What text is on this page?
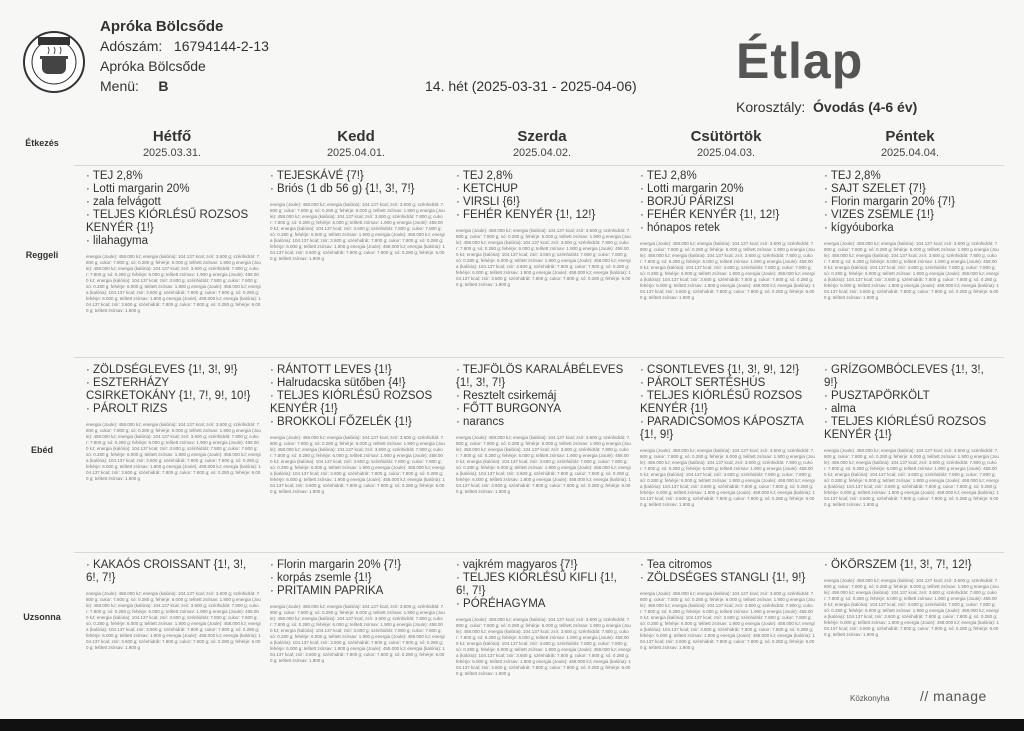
Apróka Bölcsőde
Adószám: 16794144-2-13
Apróka Bölcsőde
Menü: B	Étlap
14. hét (2025-03-31 - 2025-04-06)
Korosztály: Óvodás (4-6 év)
Étkezés
Reggeli
Ebéd
Uzsonna
Hétfő
2025.03.31.
Kedd
2025.04.01.
Szerda
2025.04.02.
Csütörtök
2025.04.03.
Péntek
2025.04.04.
· TEJ 2,8%
· Lotti margarin 20%
· zala felvágott
· TELJES KIÓRLÉSŰ ROZSOS KENYÉR {1!}
· lilahagyma
energia (Joule): 458.000 kJ; energia (kalória): 104.137 kcal; zsír: 3.600 g; szénhidrát: 7.800 g; cukor: 7.800 g; só: 0.280 g; fehérje: 6.000 g; telített zsírsav: 1.900 g energia (Joule): 458.000 kJ; energia (kalória): 104.137 kcal; zsír: 3.600 g; szénhidrát: 7.800 g; cukor: 7.800 g; só: 0.280 g; fehérje: 6.000 g; telített zsírsav: 1.900 g energia (Joule): 458.000 kJ; energia (kalória): 104.137 kcal; zsír: 3.600 g; szénhidrát: 7.800 g; cukor: 7.800 g; só: 0.280 g; fehérje: 6.000 g; telített zsírsav: 1.900 g energia (Joule): 458.000 kJ; energia (kalória): 104.137 kcal; zsír: 3.600 g; szénhidrát: 7.800 g; cukor: 7.800 g; só: 0.280 g; fehérje: 6.000 g; telített zsírsav: 1.900 g energia (Joule): 458.000 kJ; energia (kalória): 104.137 kcal; zsír: 3.600 g; szénhidrát: 7.800 g; cukor: 7.800 g; só: 0.280 g; fehérje: 6.000 g; telített zsírsav: 1.900 g
· ZÖLDSÉGLEVES {1!, 3!, 9!}
· ESZTERHÁZY CSIRKETOKÁNY {1!, 7!, 9!, 10!}
· PÁROLT RIZS
energia (Joule): 458.000 kJ; energia (kalória): 104.137 kcal; zsír: 3.600 g; szénhidrát: 7.800 g; cukor: 7.800 g; só: 0.280 g; fehérje: 6.000 g; telített zsírsav: 1.900 g energia (Joule): 458.000 kJ; energia (kalória): 104.137 kcal; zsír: 3.600 g; szénhidrát: 7.800 g; cukor: 7.800 g; só: 0.280 g; fehérje: 6.000 g; telített zsírsav: 1.900 g energia (Joule): 458.000 kJ; energia (kalória): 104.137 kcal; zsír: 3.600 g; szénhidrát: 7.800 g; cukor: 7.800 g; só: 0.280 g; fehérje: 6.000 g; telített zsírsav: 1.900 g energia (Joule): 458.000 kJ; energia (kalória): 104.137 kcal; zsír: 3.600 g; szénhidrát: 7.800 g; cukor: 7.800 g; só: 0.280 g; fehérje: 6.000 g; telített zsírsav: 1.900 g energia (Joule): 458.000 kJ; energia (kalória): 104.137 kcal; zsír: 3.600 g; szénhidrát: 7.800 g; cukor: 7.800 g; só: 0.280 g; fehérje: 6.000 g; telített zsírsav: 1.900 g
· KAKAÓS CROISSANT {1!, 3!, 6!, 7!}
energia (Joule): 458.000 kJ; energia (kalória): 104.137 kcal; zsír: 3.600 g; szénhidrát: 7.800 g; cukor: 7.800 g; só: 0.280 g; fehérje: 6.000 g; telített zsírsav: 1.900 g energia (Joule): 458.000 kJ; energia (kalória): 104.137 kcal; zsír: 3.600 g; szénhidrát: 7.800 g; cukor: 7.800 g; só: 0.280 g; fehérje: 6.000 g; telített zsírsav: 1.900 g energia (Joule): 458.000 kJ; energia (kalória): 104.137 kcal; zsír: 3.600 g; szénhidrát: 7.800 g; cukor: 7.800 g; só: 0.280 g; fehérje: 6.000 g; telített zsírsav: 1.900 g energia (Joule): 458.000 kJ; energia (kalória): 104.137 kcal; zsír: 3.600 g; szénhidrát: 7.800 g; cukor: 7.800 g; só: 0.280 g; fehérje: 6.000 g; telített zsírsav: 1.900 g energia (Joule): 458.000 kJ; energia (kalória): 104.137 kcal; zsír: 3.600 g; szénhidrát: 7.800 g; cukor: 7.800 g; só: 0.280 g; fehérje: 6.000 g; telített zsírsav: 1.900 g
· TEJESKÁVÉ {7!}
· Briós (1 db 56 g) {1!, 3!, 7!}
energia (Joule): 458.000 kJ; energia (kalória): 104.137 kcal; zsír: 3.600 g; szénhidrát: 7.800 g; cukor: 7.800 g; só: 0.280 g; fehérje: 6.000 g; telített zsírsav: 1.900 g energia (Joule): 458.000 kJ; energia (kalória): 104.137 kcal; zsír: 3.600 g; szénhidrát: 7.800 g; cukor: 7.800 g; só: 0.280 g; fehérje: 6.000 g; telített zsírsav: 1.900 g energia (Joule): 458.000 kJ; energia (kalória): 104.137 kcal; zsír: 3.600 g; szénhidrát: 7.800 g; cukor: 7.800 g; só: 0.280 g; fehérje: 6.000 g; telített zsírsav: 1.900 g energia (Joule): 458.000 kJ; energia (kalória): 104.137 kcal; zsír: 3.600 g; szénhidrát: 7.800 g; cukor: 7.800 g; só: 0.280 g; fehérje: 6.000 g; telített zsírsav: 1.900 g energia (Joule): 458.000 kJ; energia (kalória): 104.137 kcal; zsír: 3.600 g; szénhidrát: 7.800 g; cukor: 7.800 g; só: 0.280 g; fehérje: 6.000 g; telített zsírsav: 1.900 g
· RÁNTOTT LEVES {1!}
· Halrudacska sütőben {4!}
· TELJES KIÓRLÉSŰ ROZSOS KENYÉR {1!}
· BROKKOLI FŐZELÉK {1!}
energia (Joule): 458.000 kJ; energia (kalória): 104.137 kcal; zsír: 3.600 g; szénhidrát: 7.800 g; cukor: 7.800 g; só: 0.280 g; fehérje: 6.000 g; telített zsírsav: 1.900 g energia (Joule): 458.000 kJ; energia (kalória): 104.137 kcal; zsír: 3.600 g; szénhidrát: 7.800 g; cukor: 7.800 g; só: 0.280 g; fehérje: 6.000 g; telített zsírsav: 1.900 g energia (Joule): 458.000 kJ; energia (kalória): 104.137 kcal; zsír: 3.600 g; szénhidrát: 7.800 g; cukor: 7.800 g; só: 0.280 g; fehérje: 6.000 g; telített zsírsav: 1.900 g energia (Joule): 458.000 kJ; energia (kalória): 104.137 kcal; zsír: 3.600 g; szénhidrát: 7.800 g; cukor: 7.800 g; só: 0.280 g; fehérje: 6.000 g; telített zsírsav: 1.900 g energia (Joule): 458.000 kJ; energia (kalória): 104.137 kcal; zsír: 3.600 g; szénhidrát: 7.800 g; cukor: 7.800 g; só: 0.280 g; fehérje: 6.000 g; telített zsírsav: 1.900 g
· Florin margarin 20% {7!}
· korpás zsemle {1!}
· PRITAMIN PAPRIKA
energia (Joule): 458.000 kJ; energia (kalória): 104.137 kcal; zsír: 3.600 g; szénhidrát: 7.800 g; cukor: 7.800 g; só: 0.280 g; fehérje: 6.000 g; telített zsírsav: 1.900 g energia (Joule): 458.000 kJ; energia (kalória): 104.137 kcal; zsír: 3.600 g; szénhidrát: 7.800 g; cukor: 7.800 g; só: 0.280 g; fehérje: 6.000 g; telített zsírsav: 1.900 g energia (Joule): 458.000 kJ; energia (kalória): 104.137 kcal; zsír: 3.600 g; szénhidrát: 7.800 g; cukor: 7.800 g; só: 0.280 g; fehérje: 6.000 g; telített zsírsav: 1.900 g energia (Joule): 458.000 kJ; energia (kalória): 104.137 kcal; zsír: 3.600 g; szénhidrát: 7.800 g; cukor: 7.800 g; só: 0.280 g; fehérje: 6.000 g; telített zsírsav: 1.900 g energia (Joule): 458.000 kJ; energia (kalória): 104.137 kcal; zsír: 3.600 g; szénhidrát: 7.800 g; cukor: 7.800 g; só: 0.280 g; fehérje: 6.000 g; telített zsírsav: 1.900 g
· TEJ 2,8%
· KETCHUP
· VIRSLI {6!}
· FEHÉR KENYÉR {1!, 12!}
energia (Joule): 458.000 kJ; energia (kalória): 104.137 kcal; zsír: 3.600 g; szénhidrát: 7.800 g; cukor: 7.800 g; só: 0.280 g; fehérje: 6.000 g; telített zsírsav: 1.900 g energia (Joule): 458.000 kJ; energia (kalória): 104.137 kcal; zsír: 3.600 g; szénhidrát: 7.800 g; cukor: 7.800 g; só: 0.280 g; fehérje: 6.000 g; telített zsírsav: 1.900 g energia (Joule): 458.000 kJ; energia (kalória): 104.137 kcal; zsír: 3.600 g; szénhidrát: 7.800 g; cukor: 7.800 g; só: 0.280 g; fehérje: 6.000 g; telített zsírsav: 1.900 g energia (Joule): 458.000 kJ; energia (kalória): 104.137 kcal; zsír: 3.600 g; szénhidrát: 7.800 g; cukor: 7.800 g; só: 0.280 g; fehérje: 6.000 g; telített zsírsav: 1.900 g energia (Joule): 458.000 kJ; energia (kalória): 104.137 kcal; zsír: 3.600 g; szénhidrát: 7.800 g; cukor: 7.800 g; só: 0.280 g; fehérje: 6.000 g; telített zsírsav: 1.900 g
· TEJFÖLÖS KARALÁBÉLEVES {1!, 3!, 7!}
· Resztelt csirkemáj
· FŐTT BURGONYA
· narancs
energia (Joule): 458.000 kJ; energia (kalória): 104.137 kcal; zsír: 3.600 g; szénhidrát: 7.800 g; cukor: 7.800 g; só: 0.280 g; fehérje: 6.000 g; telített zsírsav: 1.900 g energia (Joule): 458.000 kJ; energia (kalória): 104.137 kcal; zsír: 3.600 g; szénhidrát: 7.800 g; cukor: 7.800 g; só: 0.280 g; fehérje: 6.000 g; telített zsírsav: 1.900 g energia (Joule): 458.000 kJ; energia (kalória): 104.137 kcal; zsír: 3.600 g; szénhidrát: 7.800 g; cukor: 7.800 g; só: 0.280 g; fehérje: 6.000 g; telített zsírsav: 1.900 g energia (Joule): 458.000 kJ; energia (kalória): 104.137 kcal; zsír: 3.600 g; szénhidrát: 7.800 g; cukor: 7.800 g; só: 0.280 g; fehérje: 6.000 g; telített zsírsav: 1.900 g energia (Joule): 458.000 kJ; energia (kalória): 104.137 kcal; zsír: 3.600 g; szénhidrát: 7.800 g; cukor: 7.800 g; só: 0.280 g; fehérje: 6.000 g; telített zsírsav: 1.900 g
· vajkrém magyaros {7!}
· TELJES KIÓRLÉSŰ KIFLI {1!, 6!, 7!}
· PÓRÉHAGYMA
energia (Joule): 458.000 kJ; energia (kalória): 104.137 kcal; zsír: 3.600 g; szénhidrát: 7.800 g; cukor: 7.800 g; só: 0.280 g; fehérje: 6.000 g; telített zsírsav: 1.900 g energia (Joule): 458.000 kJ; energia (kalória): 104.137 kcal; zsír: 3.600 g; szénhidrát: 7.800 g; cukor: 7.800 g; só: 0.280 g; fehérje: 6.000 g; telített zsírsav: 1.900 g energia (Joule): 458.000 kJ; energia (kalória): 104.137 kcal; zsír: 3.600 g; szénhidrát: 7.800 g; cukor: 7.800 g; só: 0.280 g; fehérje: 6.000 g; telített zsírsav: 1.900 g energia (Joule): 458.000 kJ; energia (kalória): 104.137 kcal; zsír: 3.600 g; szénhidrát: 7.800 g; cukor: 7.800 g; só: 0.280 g; fehérje: 6.000 g; telített zsírsav: 1.900 g energia (Joule): 458.000 kJ; energia (kalória): 104.137 kcal; zsír: 3.600 g; szénhidrát: 7.800 g; cukor: 7.800 g; só: 0.280 g; fehérje: 6.000 g; telített zsírsav: 1.900 g
· TEJ 2,8%
· Lotti margarin 20%
· BORJÚ PÁRIZSI
· FEHÉR KENYÉR {1!, 12!}
· hónapos retek
energia (Joule): 458.000 kJ; energia (kalória): 104.137 kcal; zsír: 3.600 g; szénhidrát: 7.800 g; cukor: 7.800 g; só: 0.280 g; fehérje: 6.000 g; telített zsírsav: 1.900 g energia (Joule): 458.000 kJ; energia (kalória): 104.137 kcal; zsír: 3.600 g; szénhidrát: 7.800 g; cukor: 7.800 g; só: 0.280 g; fehérje: 6.000 g; telített zsírsav: 1.900 g energia (Joule): 458.000 kJ; energia (kalória): 104.137 kcal; zsír: 3.600 g; szénhidrát: 7.800 g; cukor: 7.800 g; só: 0.280 g; fehérje: 6.000 g; telített zsírsav: 1.900 g energia (Joule): 458.000 kJ; energia (kalória): 104.137 kcal; zsír: 3.600 g; szénhidrát: 7.800 g; cukor: 7.800 g; só: 0.280 g; fehérje: 6.000 g; telített zsírsav: 1.900 g energia (Joule): 458.000 kJ; energia (kalória): 104.137 kcal; zsír: 3.600 g; szénhidrát: 7.800 g; cukor: 7.800 g; só: 0.280 g; fehérje: 6.000 g; telített zsírsav: 1.900 g
· CSONTLEVES {1!, 3!, 9!, 12!}
· PÁROLT SERTÉSHÚS
· TELJES KIÓRLÉSŰ ROZSOS KENYÉR {1!}
· PARADICSOMOS KÁPOSZTA {1!, 9!}
energia (Joule): 458.000 kJ; energia (kalória): 104.137 kcal; zsír: 3.600 g; szénhidrát: 7.800 g; cukor: 7.800 g; só: 0.280 g; fehérje: 6.000 g; telített zsírsav: 1.900 g energia (Joule): 458.000 kJ; energia (kalória): 104.137 kcal; zsír: 3.600 g; szénhidrát: 7.800 g; cukor: 7.800 g; só: 0.280 g; fehérje: 6.000 g; telített zsírsav: 1.900 g energia (Joule): 458.000 kJ; energia (kalória): 104.137 kcal; zsír: 3.600 g; szénhidrát: 7.800 g; cukor: 7.800 g; só: 0.280 g; fehérje: 6.000 g; telített zsírsav: 1.900 g energia (Joule): 458.000 kJ; energia (kalória): 104.137 kcal; zsír: 3.600 g; szénhidrát: 7.800 g; cukor: 7.800 g; só: 0.280 g; fehérje: 6.000 g; telített zsírsav: 1.900 g energia (Joule): 458.000 kJ; energia (kalória): 104.137 kcal; zsír: 3.600 g; szénhidrát: 7.800 g; cukor: 7.800 g; só: 0.280 g; fehérje: 6.000 g; telített zsírsav: 1.900 g
· Tea citromos
· ZÖLDSÉGES STANGLI {1!, 9!}
energia (Joule): 458.000 kJ; energia (kalória): 104.137 kcal; zsír: 3.600 g; szénhidrát: 7.800 g; cukor: 7.800 g; só: 0.280 g; fehérje: 6.000 g; telített zsírsav: 1.900 g energia (Joule): 458.000 kJ; energia (kalória): 104.137 kcal; zsír: 3.600 g; szénhidrát: 7.800 g; cukor: 7.800 g; só: 0.280 g; fehérje: 6.000 g; telített zsírsav: 1.900 g energia (Joule): 458.000 kJ; energia (kalória): 104.137 kcal; zsír: 3.600 g; szénhidrát: 7.800 g; cukor: 7.800 g; só: 0.280 g; fehérje: 6.000 g; telített zsírsav: 1.900 g energia (Joule): 458.000 kJ; energia (kalória): 104.137 kcal; zsír: 3.600 g; szénhidrát: 7.800 g; cukor: 7.800 g; só: 0.280 g; fehérje: 6.000 g; telített zsírsav: 1.900 g energia (Joule): 458.000 kJ; energia (kalória): 104.137 kcal; zsír: 3.600 g; szénhidrát: 7.800 g; cukor: 7.800 g; só: 0.280 g; fehérje: 6.000 g; telített zsírsav: 1.900 g
· TEJ 2,8%
· SAJT SZELET {7!}
· Florin margarin 20% {7!}
· VIZES ZSEMLE {1!}
· kígyóuborka
energia (Joule): 458.000 kJ; energia (kalória): 104.137 kcal; zsír: 3.600 g; szénhidrát: 7.800 g; cukor: 7.800 g; só: 0.280 g; fehérje: 6.000 g; telített zsírsav: 1.900 g energia (Joule): 458.000 kJ; energia (kalória): 104.137 kcal; zsír: 3.600 g; szénhidrát: 7.800 g; cukor: 7.800 g; só: 0.280 g; fehérje: 6.000 g; telített zsírsav: 1.900 g energia (Joule): 458.000 kJ; energia (kalória): 104.137 kcal; zsír: 3.600 g; szénhidrát: 7.800 g; cukor: 7.800 g; só: 0.280 g; fehérje: 6.000 g; telített zsírsav: 1.900 g energia (Joule): 458.000 kJ; energia (kalória): 104.137 kcal; zsír: 3.600 g; szénhidrát: 7.800 g; cukor: 7.800 g; só: 0.280 g; fehérje: 6.000 g; telített zsírsav: 1.900 g energia (Joule): 458.000 kJ; energia (kalória): 104.137 kcal; zsír: 3.600 g; szénhidrát: 7.800 g; cukor: 7.800 g; só: 0.280 g; fehérje: 6.000 g; telített zsírsav: 1.900 g
· GRÍZGOMBÓCLEVES {1!, 3!, 9!}
· PUSZTAPÖRKÖLT
· alma
· TELJES KIÓRLÉSŰ ROZSOS KENYÉR {1!}
energia (Joule): 458.000 kJ; energia (kalória): 104.137 kcal; zsír: 3.600 g; szénhidrát: 7.800 g; cukor: 7.800 g; só: 0.280 g; fehérje: 6.000 g; telített zsírsav: 1.900 g energia (Joule): 458.000 kJ; energia (kalória): 104.137 kcal; zsír: 3.600 g; szénhidrát: 7.800 g; cukor: 7.800 g; só: 0.280 g; fehérje: 6.000 g; telített zsírsav: 1.900 g energia (Joule): 458.000 kJ; energia (kalória): 104.137 kcal; zsír: 3.600 g; szénhidrát: 7.800 g; cukor: 7.800 g; só: 0.280 g; fehérje: 6.000 g; telített zsírsav: 1.900 g energia (Joule): 458.000 kJ; energia (kalória): 104.137 kcal; zsír: 3.600 g; szénhidrát: 7.800 g; cukor: 7.800 g; só: 0.280 g; fehérje: 6.000 g; telített zsírsav: 1.900 g energia (Joule): 458.000 kJ; energia (kalória): 104.137 kcal; zsír: 3.600 g; szénhidrát: 7.800 g; cukor: 7.800 g; só: 0.280 g; fehérje: 6.000 g; telített zsírsav: 1.900 g
· ÖKÖRSZEM {1!, 3!, 7!, 12!}
energia (Joule): 458.000 kJ; energia (kalória): 104.137 kcal; zsír: 3.600 g; szénhidrát: 7.800 g; cukor: 7.800 g; só: 0.280 g; fehérje: 6.000 g; telített zsírsav: 1.900 g energia (Joule): 458.000 kJ; energia (kalória): 104.137 kcal; zsír: 3.600 g; szénhidrát: 7.800 g; cukor: 7.800 g; só: 0.280 g; fehérje: 6.000 g; telített zsírsav: 1.900 g energia (Joule): 458.000 kJ; energia (kalória): 104.137 kcal; zsír: 3.600 g; szénhidrát: 7.800 g; cukor: 7.800 g; só: 0.280 g; fehérje: 6.000 g; telített zsírsav: 1.900 g energia (Joule): 458.000 kJ; energia (kalória): 104.137 kcal; zsír: 3.600 g; szénhidrát: 7.800 g; cukor: 7.800 g; só: 0.280 g; fehérje: 6.000 g; telített zsírsav: 1.900 g energia (Joule): 458.000 kJ; energia (kalória): 104.137 kcal; zsír: 3.600 g; szénhidrát: 7.800 g; cukor: 7.800 g; só: 0.280 g; fehérje: 6.000 g; telített zsírsav: 1.900 g
Közkonyha // manage
